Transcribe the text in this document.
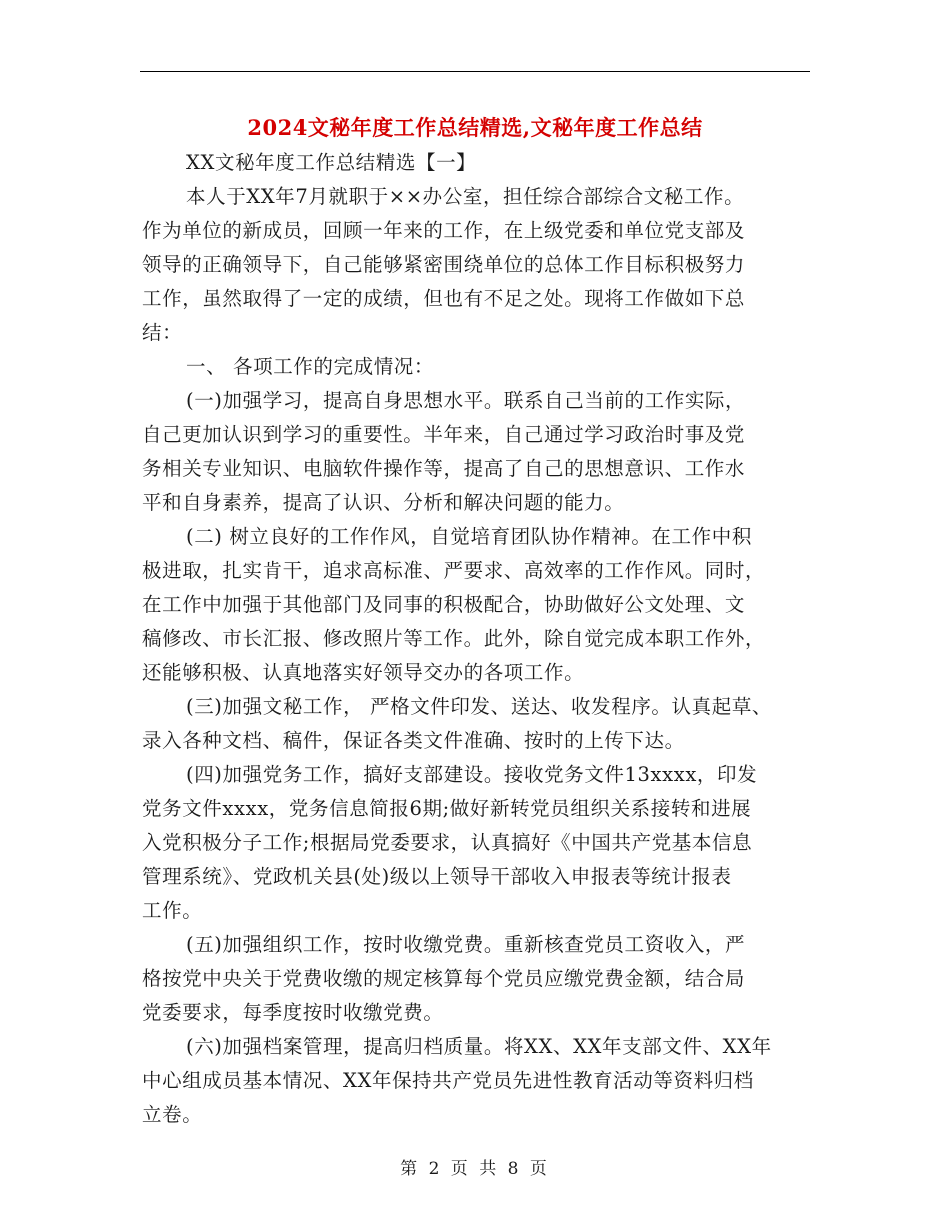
2024文秘年度工作总结精选,文秘年度工作总结
XX文秘年度工作总结精选【一】
本人于XX年7月就职于××办公室，担任综合部综合文秘工作。
作为单位的新成员，回顾一年来的工作，在上级党委和单位党支部及
领导的正确领导下，自己能够紧密围绕单位的总体工作目标积极努力
工作，虽然取得了一定的成绩，但也有不足之处。现将工作做如下总
结：
一、 各项工作的完成情况：
(一)加强学习，提高自身思想水平。联系自己当前的工作实际，
自己更加认识到学习的重要性。半年来，自己通过学习政治时事及党
务相关专业知识、电脑软件操作等，提高了自己的思想意识、工作水
平和自身素养，提高了认识、分析和解决问题的能力。
(二) 树立良好的工作作风，自觉培育团队协作精神。在工作中积
极进取，扎实肯干，追求高标准、严要求、高效率的工作作风。同时，
在工作中加强于其他部门及同事的积极配合，协助做好公文处理、文
稿修改、市长汇报、修改照片等工作。此外，除自觉完成本职工作外，
还能够积极、认真地落实好领导交办的各项工作。
(三)加强文秘工作， 严格文件印发、送达、收发程序。认真起草、
录入各种文档、稿件，保证各类文件准确、按时的上传下达。
(四)加强党务工作，搞好支部建设。接收党务文件13xxxx，印发
党务文件xxxx，党务信息简报6期;做好新转党员组织关系接转和进展
入党积极分子工作;根据局党委要求，认真搞好《中国共产党基本信息
管理系统》、党政机关县(处)级以上领导干部收入申报表等统计报表
工作。
(五)加强组织工作，按时收缴党费。重新核查党员工资收入，严
格按党中央关于党费收缴的规定核算每个党员应缴党费金额，结合局
党委要求，每季度按时收缴党费。
(六)加强档案管理，提高归档质量。将XX、XX年支部文件、XX年
中心组成员基本情况、XX年保持共产党员先进性教育活动等资料归档
立卷。
第 2 页 共 8 页
